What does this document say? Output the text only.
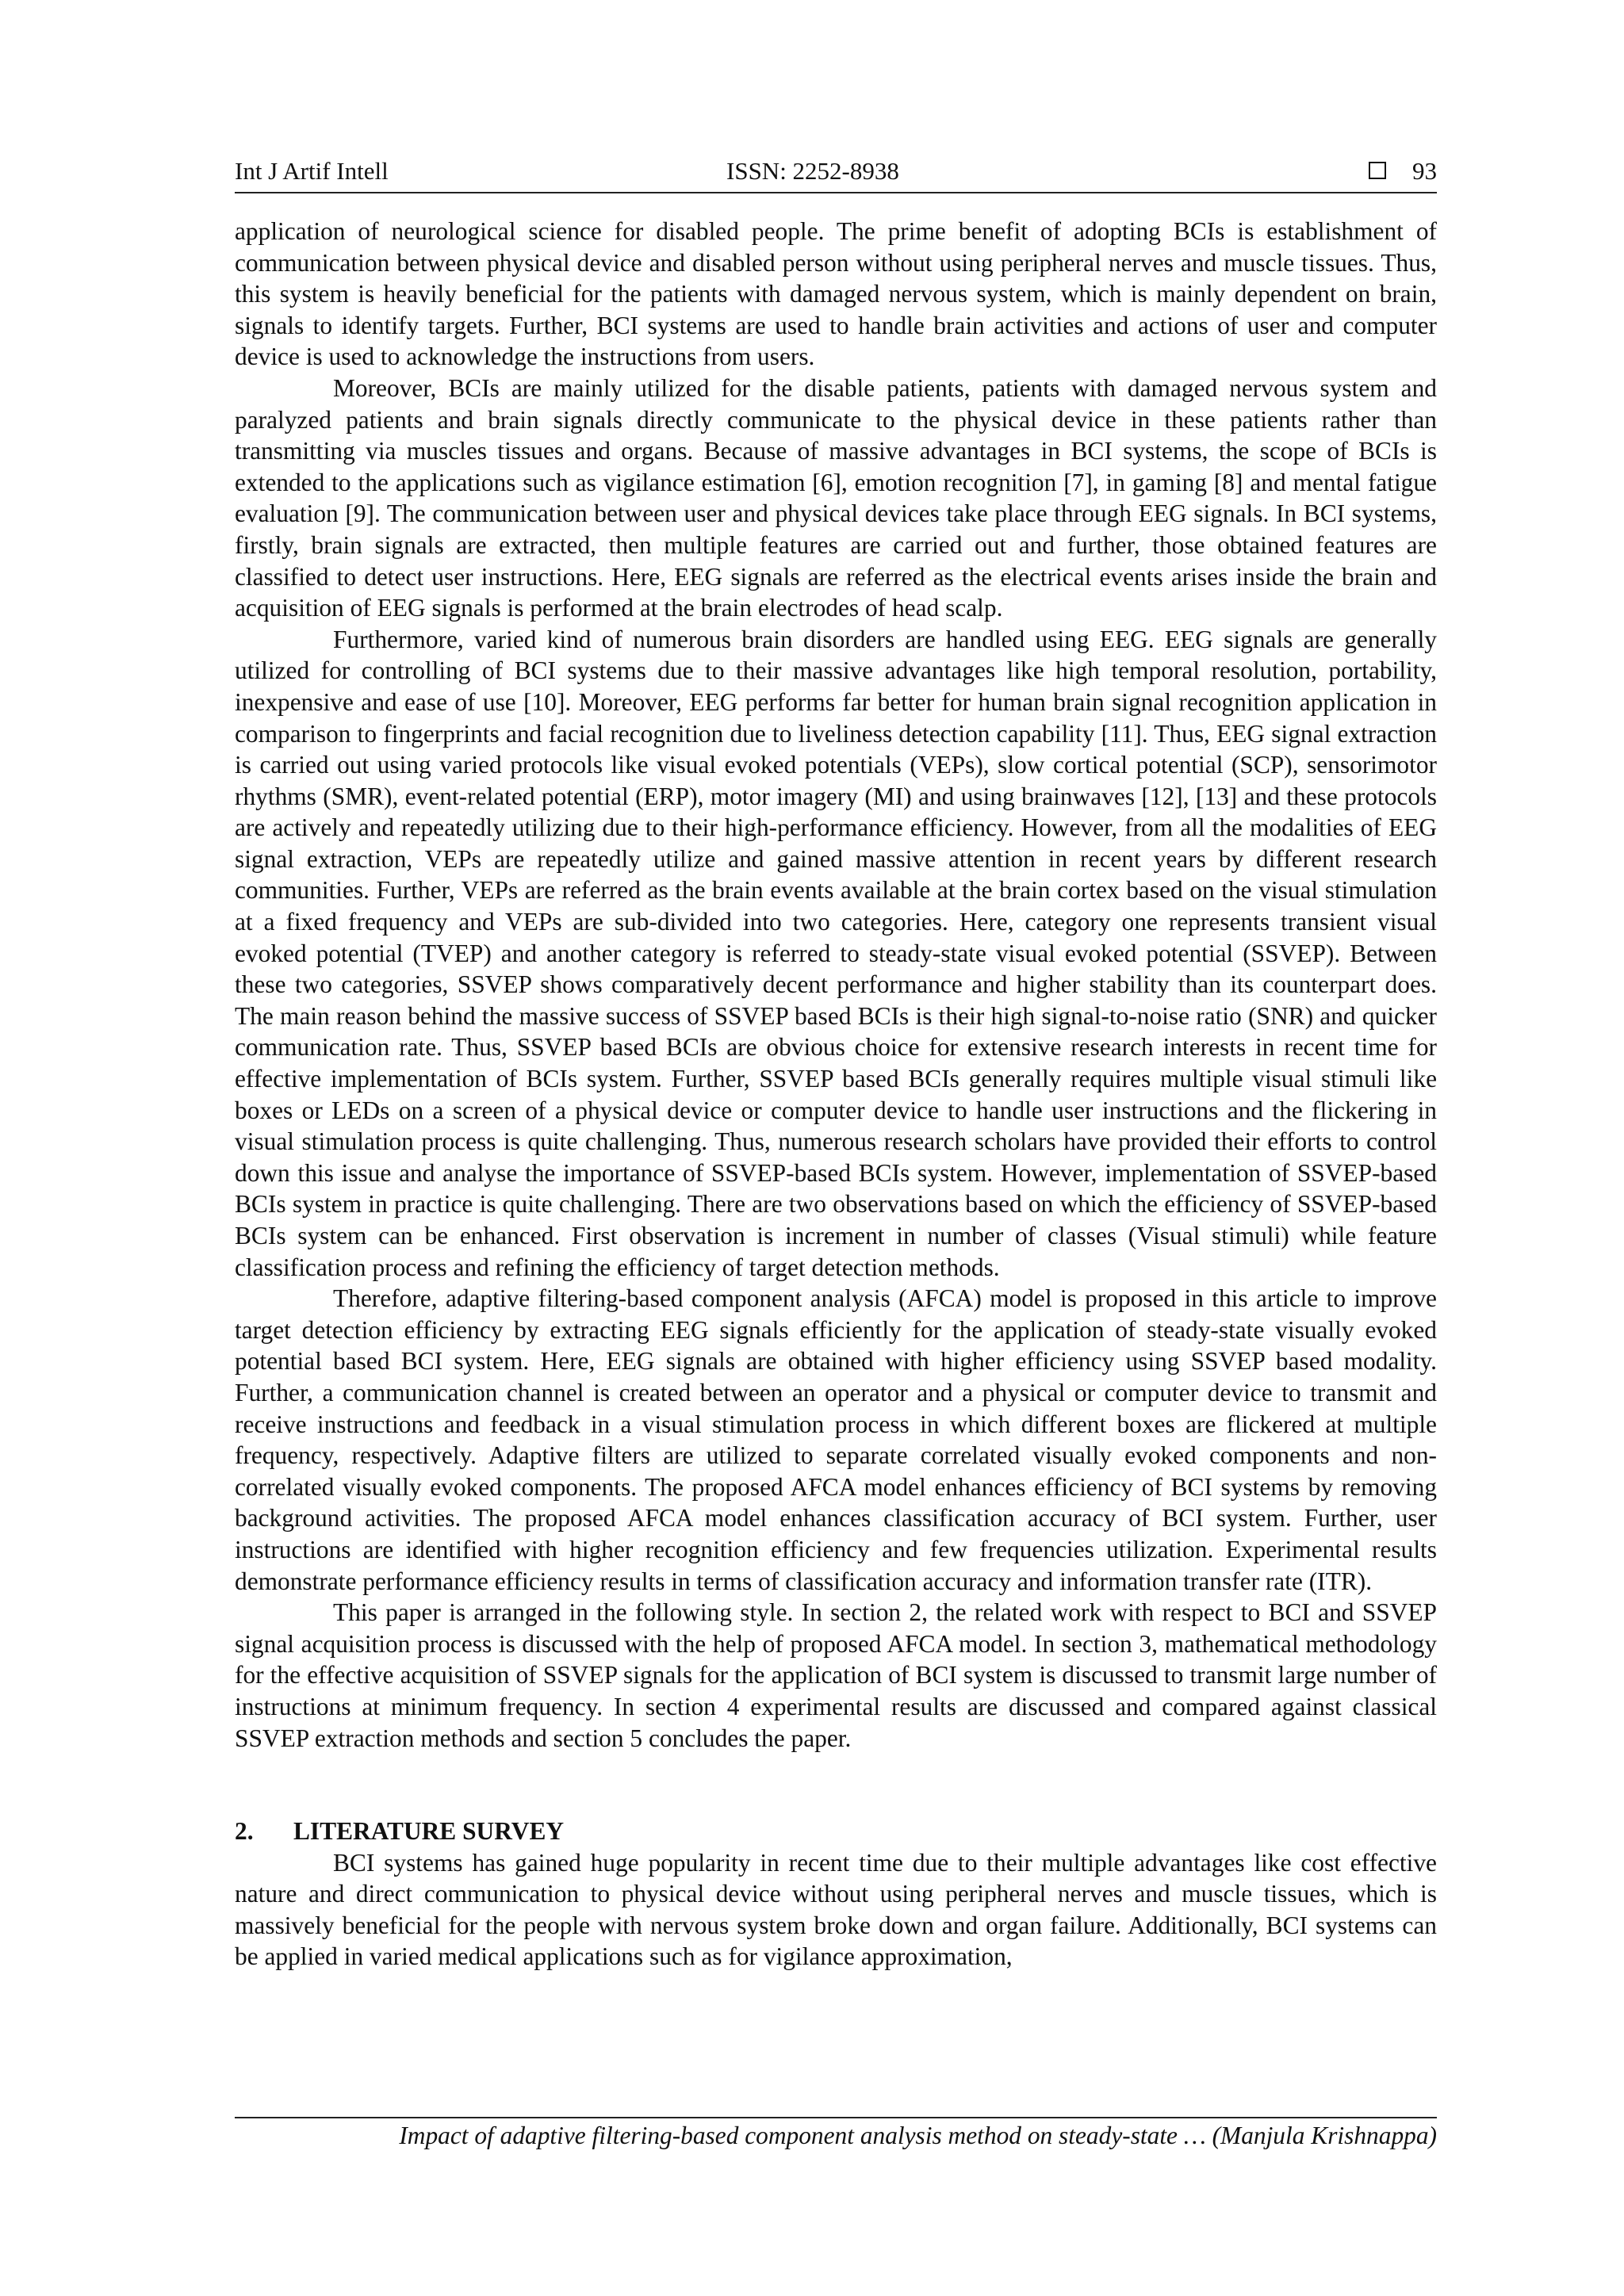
Int J Artif Intell	ISSN: 2252-8938	93

application of neurological science for disabled people. The prime benefit of adopting BCIs is establishment of communication between physical device and disabled person without using peripheral nerves and muscle tissues. Thus, this system is heavily beneficial for the patients with damaged nervous system, which is mainly dependent on brain, signals to identify targets. Further, BCI systems are used to handle brain activities and actions of user and computer device is used to acknowledge the instructions from users.

Moreover, BCIs are mainly utilized for the disable patients, patients with damaged nervous system and paralyzed patients and brain signals directly communicate to the physical device in these patients rather than transmitting via muscles tissues and organs. Because of massive advantages in BCI systems, the scope of BCIs is extended to the applications such as vigilance estimation [6], emotion recognition [7], in gaming [8] and mental fatigue evaluation [9]. The communication between user and physical devices take place through EEG signals. In BCI systems, firstly, brain signals are extracted, then multiple features are carried out and further, those obtained features are classified to detect user instructions. Here, EEG signals are referred as the electrical events arises inside the brain and acquisition of EEG signals is performed at the brain electrodes of head scalp.

Furthermore, varied kind of numerous brain disorders are handled using EEG. EEG signals are generally utilized for controlling of BCI systems due to their massive advantages like high temporal resolution, portability, inexpensive and ease of use [10]. Moreover, EEG performs far better for human brain signal recognition application in comparison to fingerprints and facial recognition due to liveliness detection capability [11]. Thus, EEG signal extraction is carried out using varied protocols like visual evoked potentials (VEPs), slow cortical potential (SCP), sensorimotor rhythms (SMR), event-related potential (ERP), motor imagery (MI) and using brainwaves [12], [13] and these protocols are actively and repeatedly utilizing due to their high-performance efficiency. However, from all the modalities of EEG signal extraction, VEPs are repeatedly utilize and gained massive attention in recent years by different research communities. Further, VEPs are referred as the brain events available at the brain cortex based on the visual stimulation at a fixed frequency and VEPs are sub-divided into two categories. Here, category one represents transient visual evoked potential (TVEP) and another category is referred to steady-state visual evoked potential (SSVEP). Between these two categories, SSVEP shows comparatively decent performance and higher stability than its counterpart does. The main reason behind the massive success of SSVEP based BCIs is their high signal-to-noise ratio (SNR) and quicker communication rate. Thus, SSVEP based BCIs are obvious choice for extensive research interests in recent time for effective implementation of BCIs system. Further, SSVEP based BCIs generally requires multiple visual stimuli like boxes or LEDs on a screen of a physical device or computer device to handle user instructions and the flickering in visual stimulation process is quite challenging. Thus, numerous research scholars have provided their efforts to control down this issue and analyse the importance of SSVEP-based BCIs system. However, implementation of SSVEP-based BCIs system in practice is quite challenging. There are two observations based on which the efficiency of SSVEP-based BCIs system can be enhanced. First observation is increment in number of classes (Visual stimuli) while feature classification process and refining the efficiency of target detection methods.

Therefore, adaptive filtering-based component analysis (AFCA) model is proposed in this article to improve target detection efficiency by extracting EEG signals efficiently for the application of steady-state visually evoked potential based BCI system. Here, EEG signals are obtained with higher efficiency using SSVEP based modality. Further, a communication channel is created between an operator and a physical or computer device to transmit and receive instructions and feedback in a visual stimulation process in which different boxes are flickered at multiple frequency, respectively. Adaptive filters are utilized to separate correlated visually evoked components and non-correlated visually evoked components. The proposed AFCA model enhances efficiency of BCI systems by removing background activities. The proposed AFCA model enhances classification accuracy of BCI system. Further, user instructions are identified with higher recognition efficiency and few frequencies utilization. Experimental results demonstrate performance efficiency results in terms of classification accuracy and information transfer rate (ITR).

This paper is arranged in the following style. In section 2, the related work with respect to BCI and SSVEP signal acquisition process is discussed with the help of proposed AFCA model. In section 3, mathematical methodology for the effective acquisition of SSVEP signals for the application of BCI system is discussed to transmit large number of instructions at minimum frequency. In section 4 experimental results are discussed and compared against classical SSVEP extraction methods and section 5 concludes the paper.

2. LITERATURE SURVEY

BCI systems has gained huge popularity in recent time due to their multiple advantages like cost effective nature and direct communication to physical device without using peripheral nerves and muscle tissues, which is massively beneficial for the people with nervous system broke down and organ failure. Additionally, BCI systems can be applied in varied medical applications such as for vigilance approximation,

Impact of adaptive filtering-based component analysis method on steady-state … (Manjula Krishnappa)
